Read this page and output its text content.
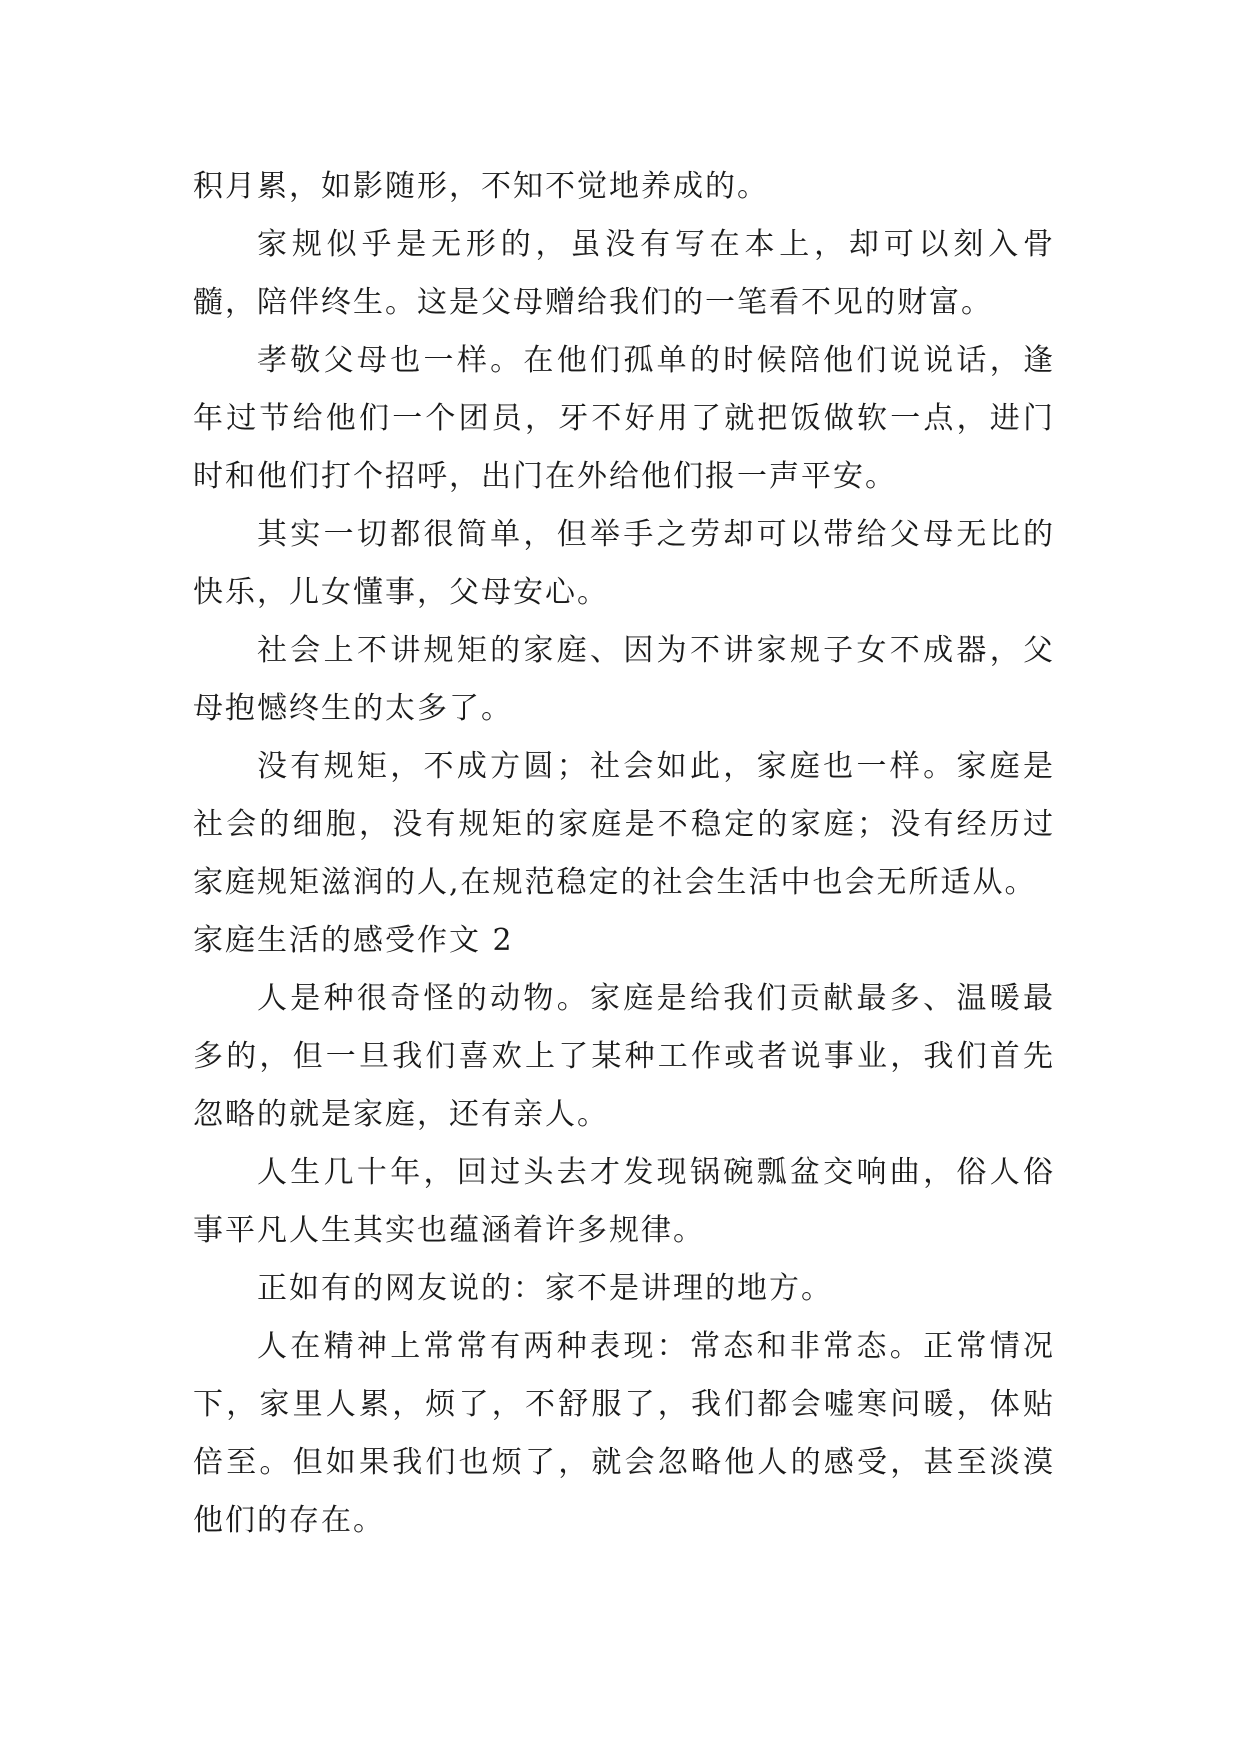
积月累，如影随形，不知不觉地养成的。

家规似乎是无形的，虽没有写在本上，却可以刻入骨髓，陪伴终生。这是父母赠给我们的一笔看不见的财富。

孝敬父母也一样。在他们孤单的时候陪他们说说话，逢年过节给他们一个团员，牙不好用了就把饭做软一点，进门时和他们打个招呼，出门在外给他们报一声平安。

其实一切都很简单，但举手之劳却可以带给父母无比的快乐，儿女懂事，父母安心。

社会上不讲规矩的家庭、因为不讲家规子女不成器，父母抱憾终生的太多了。

没有规矩，不成方圆；社会如此，家庭也一样。家庭是社会的细胞，没有规矩的家庭是不稳定的家庭；没有经历过家庭规矩滋润的人,在规范稳定的社会生活中也会无所适从。

家庭生活的感受作文 2

人是种很奇怪的动物。家庭是给我们贡献最多、温暖最多的，但一旦我们喜欢上了某种工作或者说事业，我们首先忽略的就是家庭，还有亲人。

人生几十年，回过头去才发现锅碗瓢盆交响曲，俗人俗事平凡人生其实也蕴涵着许多规律。

正如有的网友说的：家不是讲理的地方。

人在精神上常常有两种表现：常态和非常态。正常情况下，家里人累，烦了，不舒服了，我们都会嘘寒问暖，体贴倍至。但如果我们也烦了，就会忽略他人的感受，甚至淡漠他们的存在。
